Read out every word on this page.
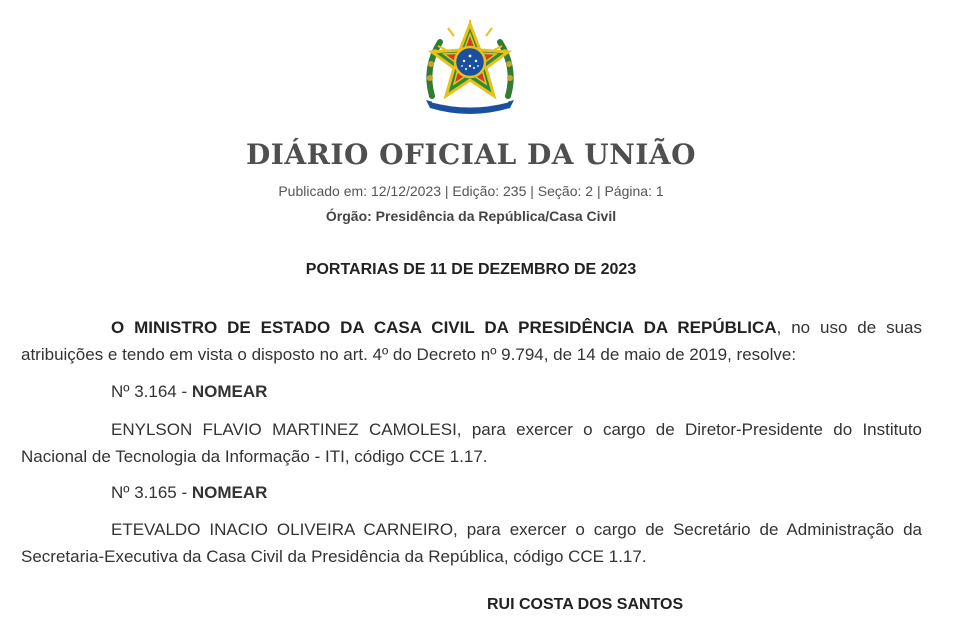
DIÁRIO OFICIAL DA UNIÃO
Publicado em: 12/12/2023 | Edição: 235 | Seção: 2 | Página: 1
Órgão: Presidência da República/Casa Civil
PORTARIAS DE 11 DE DEZEMBRO DE 2023
O MINISTRO DE ESTADO DA CASA CIVIL DA PRESIDÊNCIA DA REPÚBLICA, no uso de suas atribuições e tendo em vista o disposto no art. 4º do Decreto nº 9.794, de 14 de maio de 2019, resolve:
Nº 3.164 - NOMEAR
ENYLSON FLAVIO MARTINEZ CAMOLESI, para exercer o cargo de Diretor-Presidente do Instituto Nacional de Tecnologia da Informação - ITI, código CCE 1.17.
Nº 3.165 - NOMEAR
ETEVALDO INACIO OLIVEIRA CARNEIRO, para exercer o cargo de Secretário de Administração da Secretaria-Executiva da Casa Civil da Presidência da República, código CCE 1.17.
RUI COSTA DOS SANTOS
